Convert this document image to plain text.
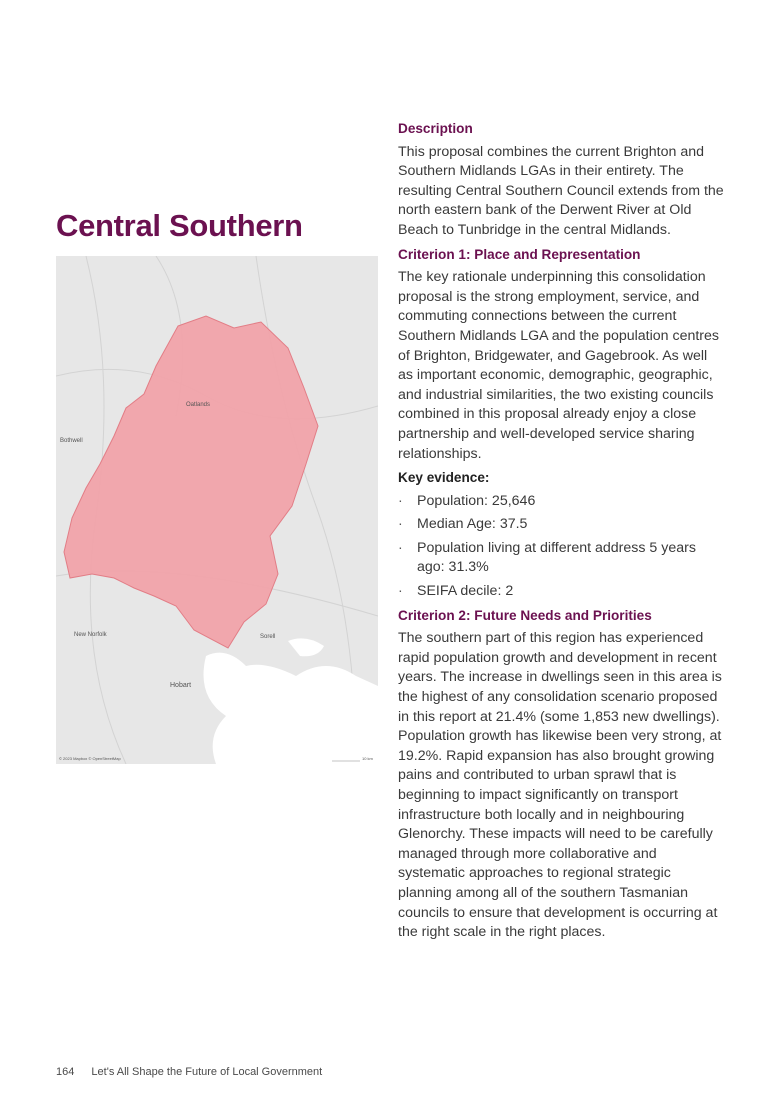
Central Southern
Oatlands
Bothwell
New Norfolk	Sorell
Hobart
© 2023 Mapbox © OpenStreetMap	10 km
Description

This proposal combines the current Brighton and Southern Midlands LGAs in their entirety. The resulting Central Southern Council extends from the north eastern bank of the Derwent River at Old Beach to Tunbridge in the central Midlands.

Criterion 1: Place and Representation

The key rationale underpinning this consolidation proposal is the strong employment, service, and commuting connections between the current Southern Midlands LGA and the population centres of Brighton, Bridgewater, and Gagebrook. As well as important economic, demographic, geographic, and industrial similarities, the two existing councils combined in this proposal already enjoy a close partnership and well-developed service sharing relationships.

Key evidence:
· Population: 25,646
· Median Age: 37.5
· Population living at different address 5 years ago: 31.3%
· SEIFA decile: 2
Criterion 2: Future Needs and Priorities

The southern part of this region has experienced rapid population growth and development in recent years. The increase in dwellings seen in this area is the highest of any consolidation scenario proposed in this report at 21.4% (some 1,853 new dwellings). Population growth has likewise been very strong, at 19.2%. Rapid expansion has also brought growing pains and contributed to urban sprawl that is beginning to impact significantly on transport infrastructure both locally and in neighbouring Glenorchy. These impacts will need to be carefully managed through more collaborative and systematic approaches to regional strategic planning among all of the southern Tasmanian councils to ensure that development is occurring at the right scale in the right places.

164 Let's All Shape the Future of Local Government
